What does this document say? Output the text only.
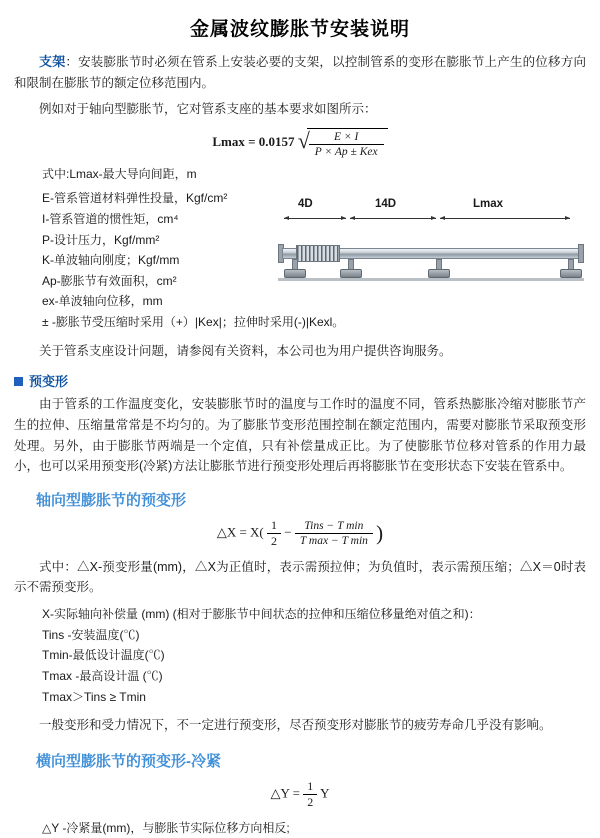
金属波纹膨胀节安装说明

支架：安装膨胀节时必须在管系上安装必要的支架，以控制管系的变形在膨胀节上产生的位移方向和限制在膨胀节的额定位移范围内。

例如对于轴向型膨胀节，它对管系支座的基本要求如图所示：

Lmax = 0.0157 √ $\frac{E \times I}{\text{P × Ap ± Kex}}$

式中:Lmax-最大导向间距，m

E-管系管道材料弹性投量，Kgf/cm²
I-管系管道的惯性矩，cm⁴
P-设计压力，Kgf/mm²
K-单波轴向刚度；Kgf/mm
Ap-膨胀节有效面积，cm²
ex-单波轴向位移，mm
± -膨胀节受压缩时采用（+）|Kex|；拉伸时采用(-)|Kexl。

关于管系支座设计问题，请参阅有关资料，本公司也为用户提供咨询服务。

预变形

由于管系的工作温度变化，安装膨胀节时的温度与工作时的温度不同，管系热膨胀冷缩对膨胀节产生的拉伸、压缩量常常是不均匀的。为了膨胀节变形范围控制在额定范围内，需要对膨胀节采取预变形处理。另外，由于膨胀节两端是一个定值，只有补偿量成正比。为了使膨胀节位移对管系的作用力最小，也可以采用预变形(冷紧)方法让膨胀节进行预变形处理后再将膨胀节在变形状态下安装在管系中。

轴向型膨胀节的预变形
△X = $X( \frac{1}{2} - \frac{\text{Tins − T min}}{\text{T max − T min}}$ )

式中：△X-预变形量(mm)，△X为正值时，表示需预拉伸；为负值时，表示需预压缩；△X＝0时表示不需预变形。

X-实际轴向补偿量 (mm) (相对于膨胀节中间状态的拉伸和压缩位移量绝对值之和)：
Tins -安装温度(℃)
Tmin-最低设计温度(℃)
Tmax -最高设计温 (℃)
Tmax＞Tins ≥ Tmin

一般变形和受力情况下，不一定进行预变形，尽否预变形对膨胀节的疲劳寿命几乎没有影响。

横向型膨胀节的预变形-冷紧
△Y = $\frac{1}{2}$ Y

△Y -冷紧量(mm)，与膨胀节实际位移方向相反;

4D	14D	Lmax
